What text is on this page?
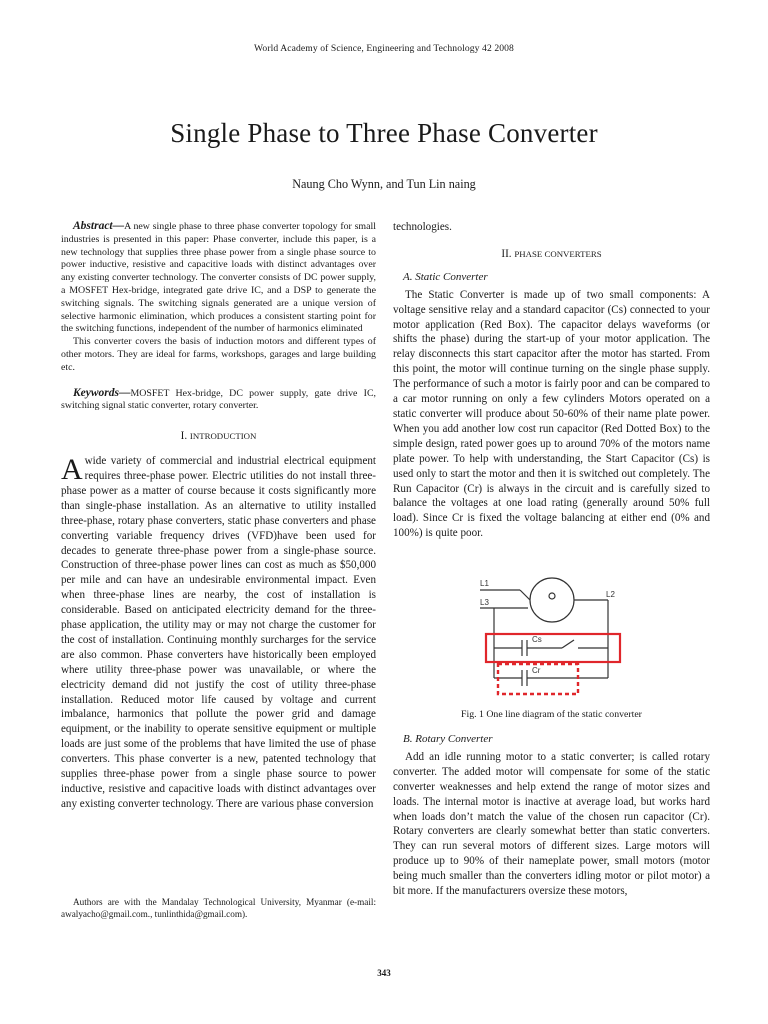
World Academy of Science, Engineering and Technology 42 2008
Single Phase to Three Phase Converter
Naung Cho Wynn, and Tun Lin naing

Abstract—A new single phase to three phase converter topology for small industries is presented in this paper: Phase converter, include this paper, is a new technology that supplies three phase power from a single phase source to power inductive, resistive and capacitive loads with distinct advantages over any existing converter technology. The converter consists of DC power supply, a MOSFET Hex-bridge, integrated gate drive IC, and a DSP to generate the switching signals. The switching signals generated are a unique version of selective harmonic elimination, which produces a consistent starting point for the switching functions, independent of the number of harmonics eliminated

This converter covers the basis of induction motors and different types of other motors. They are ideal for farms, workshops, garages and large building etc.

Keywords—MOSFET Hex-bridge, DC power supply, gate drive IC, switching signal static converter, rotary converter.

I. INTRODUCTION

Awide variety of commercial and industrial electrical equipment requires three-phase power. Electric utilities do not install three-phase power as a matter of course because it costs significantly more than single-phase installation. As an alternative to utility installed three-phase, rotary phase converters, static phase converters and phase converting variable frequency drives (VFD)have been used for decades to generate three-phase power from a single-phase source. Construction of three-phase power lines can cost as much as $50,000 per mile and can have an undesirable environmental impact. Even when three-phase lines are nearby, the cost of installation is considerable. Based on anticipated electricity demand for the three-phase application, the utility may or may not charge the customer for the cost of installation. Continuing monthly surcharges for the service are also common. Phase converters have historically been employed where utility three-phase power was unavailable, or where the electricity demand did not justify the cost of utility three-phase installation. Reduced motor life caused by voltage and current imbalance, harmonics that pollute the power grid and damage equipment, or the inability to operate sensitive equipment or multiple loads are just some of the problems that have limited the use of phase converters. This phase converter is a new, patented technology that supplies three-phase power from a single phase source to power inductive, resistive and capacitive loads with distinct advantages over any existing converter technology. There are various phase conversion

Authors are with the Mandalay Technological University, Myanmar (e-mail: awalyacho@gmail.com., tunlinthida@gmail.com).

technologies.

II. PHASE CONVERTERS
A. Static Converter

The Static Converter is made up of two small components: A voltage sensitive relay and a standard capacitor (Cs) connected to your motor application (Red Box). The capacitor delays waveforms (or shifts the phase) during the start-up of your motor application. The relay disconnects this start capacitor after the motor has started. From this point, the motor will continue turning on the single phase supply. The performance of such a motor is fairly poor and can be compared to a car motor running on only a few cylinders Motors operated on a static converter will produce about 50-60% of their name plate power. When you add another low cost run capacitor (Red Dotted Box) to the simple design, rated power goes up to around 70% of the motors name plate power. To help with understanding, the Start Capacitor (Cs) is used only to start the motor and then it is switched out completely. The Run Capacitor (Cr) is always in the circuit and is carefully sized to balance the voltages at one load rating (generally around 50% full load). Since Cr is fixed the voltage balancing at either end (0% and 100%) is quite poor.

L1
L3
L2
Cs
Cr
Fig. 1 One line diagram of the static converter
B. Rotary Converter

Add an idle running motor to a static converter; is called rotary converter. The added motor will compensate for some of the static converter weaknesses and help extend the range of motor sizes and loads. The internal motor is inactive at average load, but works hard when loads don’t match the value of the chosen run capacitor (Cr). Rotary converters are clearly somewhat better than static converters. They can run several motors of different sizes. Large motors will produce up to 90% of their nameplate power, small motors (motor being much smaller than the converters idling motor or pilot motor) a bit more. If the manufacturers oversize these motors,

343
